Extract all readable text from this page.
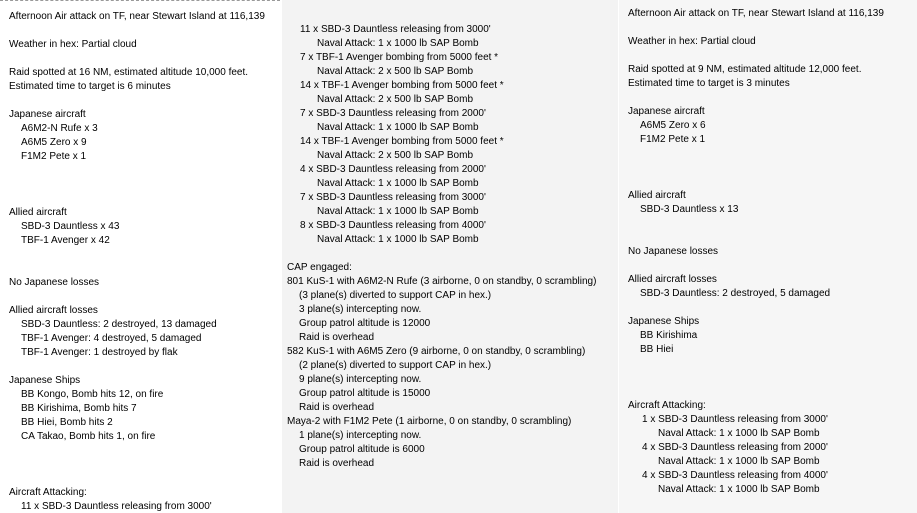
Afternoon Air attack on TF, near Stewart Island at 116,139
Weather in hex: Partial cloud
Raid spotted at 16 NM, estimated altitude 10,000 feet.
Estimated time to target is 6 minutes
Japanese aircraft
A6M2-N Rufe x 3
A6M5 Zero x 9
F1M2 Pete x 1
Allied aircraft
SBD-3 Dauntless x 43
TBF-1 Avenger x 42
No Japanese losses
Allied aircraft losses
SBD-3 Dauntless: 2 destroyed, 13 damaged
TBF-1 Avenger: 4 destroyed, 5 damaged
TBF-1 Avenger: 1 destroyed by flak
Japanese Ships
BB Kongo, Bomb hits 12, on fire
BB Kirishima, Bomb hits 7
BB Hiei, Bomb hits 2
CA Takao, Bomb hits 1, on fire
Aircraft Attacking:
11 x SBD-3 Dauntless releasing from 3000'
11 x SBD-3 Dauntless releasing from 3000'
Naval Attack: 1 x 1000 lb SAP Bomb
7 x TBF-1 Avenger bombing from 5000 feet *
Naval Attack: 2 x 500 lb SAP Bomb
14 x TBF-1 Avenger bombing from 5000 feet *
Naval Attack: 2 x 500 lb SAP Bomb
7 x SBD-3 Dauntless releasing from 2000'
Naval Attack: 1 x 1000 lb SAP Bomb
14 x TBF-1 Avenger bombing from 5000 feet *
Naval Attack: 2 x 500 lb SAP Bomb
4 x SBD-3 Dauntless releasing from 2000'
Naval Attack: 1 x 1000 lb SAP Bomb
7 x SBD-3 Dauntless releasing from 3000'
Naval Attack: 1 x 1000 lb SAP Bomb
8 x SBD-3 Dauntless releasing from 4000'
Naval Attack: 1 x 1000 lb SAP Bomb
CAP engaged:
801 KuS-1 with A6M2-N Rufe (3 airborne, 0 on standby, 0 scrambling)
(3 plane(s) diverted to support CAP in hex.)
3 plane(s) intercepting now.
Group patrol altitude is 12000
Raid is overhead
582 KuS-1 with A6M5 Zero (9 airborne, 0 on standby, 0 scrambling)
(2 plane(s) diverted to support CAP in hex.)
9 plane(s) intercepting now.
Group patrol altitude is 15000
Raid is overhead
Maya-2 with F1M2 Pete (1 airborne, 0 on standby, 0 scrambling)
1 plane(s) intercepting now.
Group patrol altitude is 6000
Raid is overhead
Afternoon Air attack on TF, near Stewart Island at 116,139
Weather in hex: Partial cloud
Raid spotted at 9 NM, estimated altitude 12,000 feet.
Estimated time to target is 3 minutes
Japanese aircraft
A6M5 Zero x 6
F1M2 Pete x 1
Allied aircraft
SBD-3 Dauntless x 13
No Japanese losses
Allied aircraft losses
SBD-3 Dauntless: 2 destroyed, 5 damaged
Japanese Ships
BB Kirishima
BB Hiei
Aircraft Attacking:
1 x SBD-3 Dauntless releasing from 3000'
Naval Attack: 1 x 1000 lb SAP Bomb
4 x SBD-3 Dauntless releasing from 2000'
Naval Attack: 1 x 1000 lb SAP Bomb
4 x SBD-3 Dauntless releasing from 4000'
Naval Attack: 1 x 1000 lb SAP Bomb
